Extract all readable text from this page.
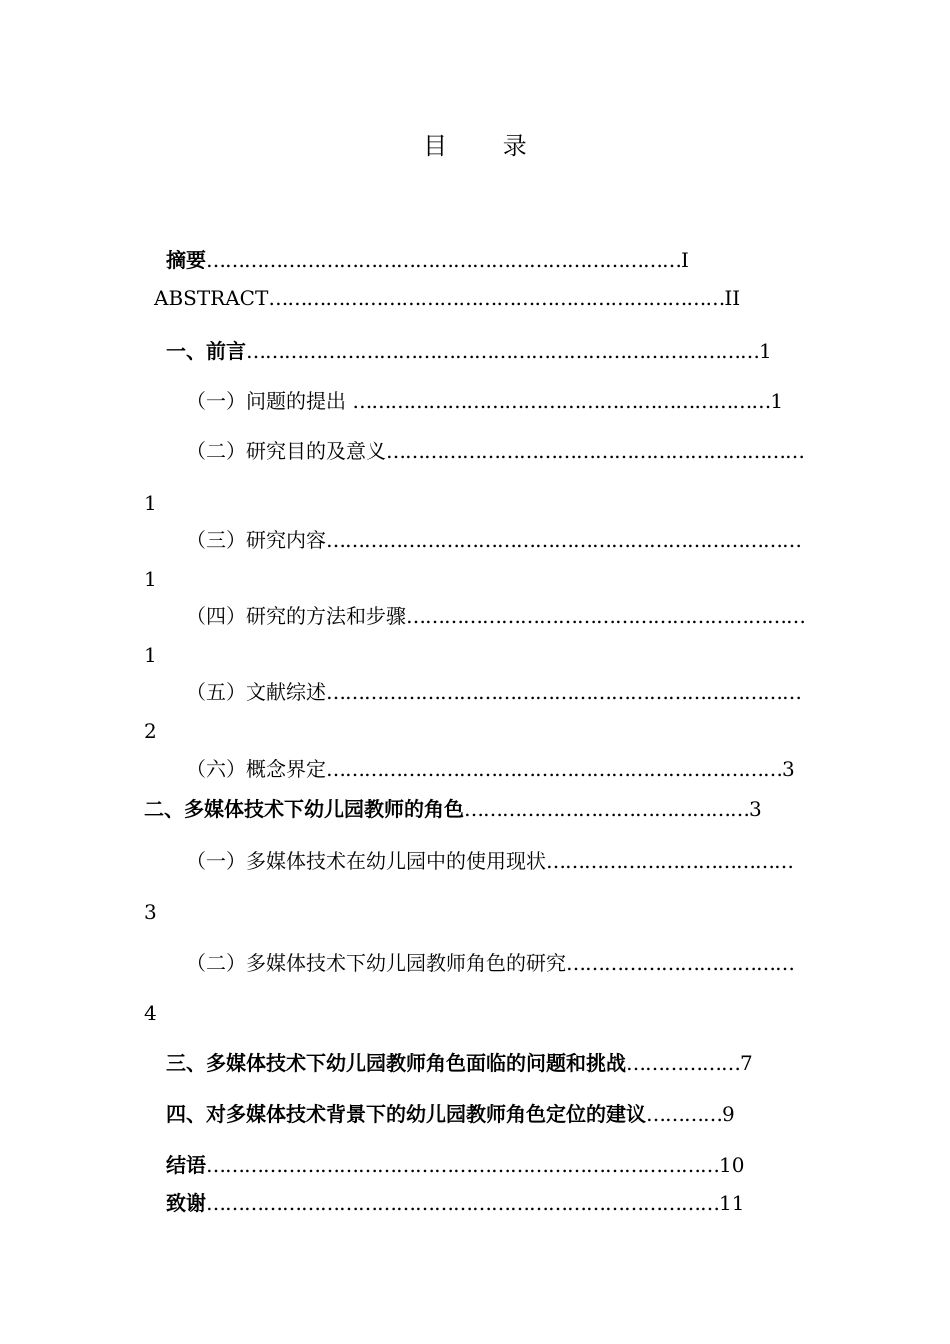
目 录
摘要…………………………………………………………………I
ABSTRACT………………………………………………………………II
一、前言………………………………………………………………………1
（一）问题的提出 …………………………………………………………1
（二）研究目的及意义…………………………………………………………
1
（三）研究内容…………………………………………………………………
1
（四）研究的方法和步骤………………………………………………………
1
（五）文献综述…………………………………………………………………
2
（六）概念界定………………………………………………………………3
二、多媒体技术下幼儿园教师的角色………………………………………3
（一）多媒体技术在幼儿园中的使用现状…………………………………
3
（二）多媒体技术下幼儿园教师角色的研究………………………………
4
三、多媒体技术下幼儿园教师角色面临的问题和挑战………………7
四、对多媒体技术背景下的幼儿园教师角色定位的建议…………9
结语………………………………………………………………………10
致谢………………………………………………………………………11
